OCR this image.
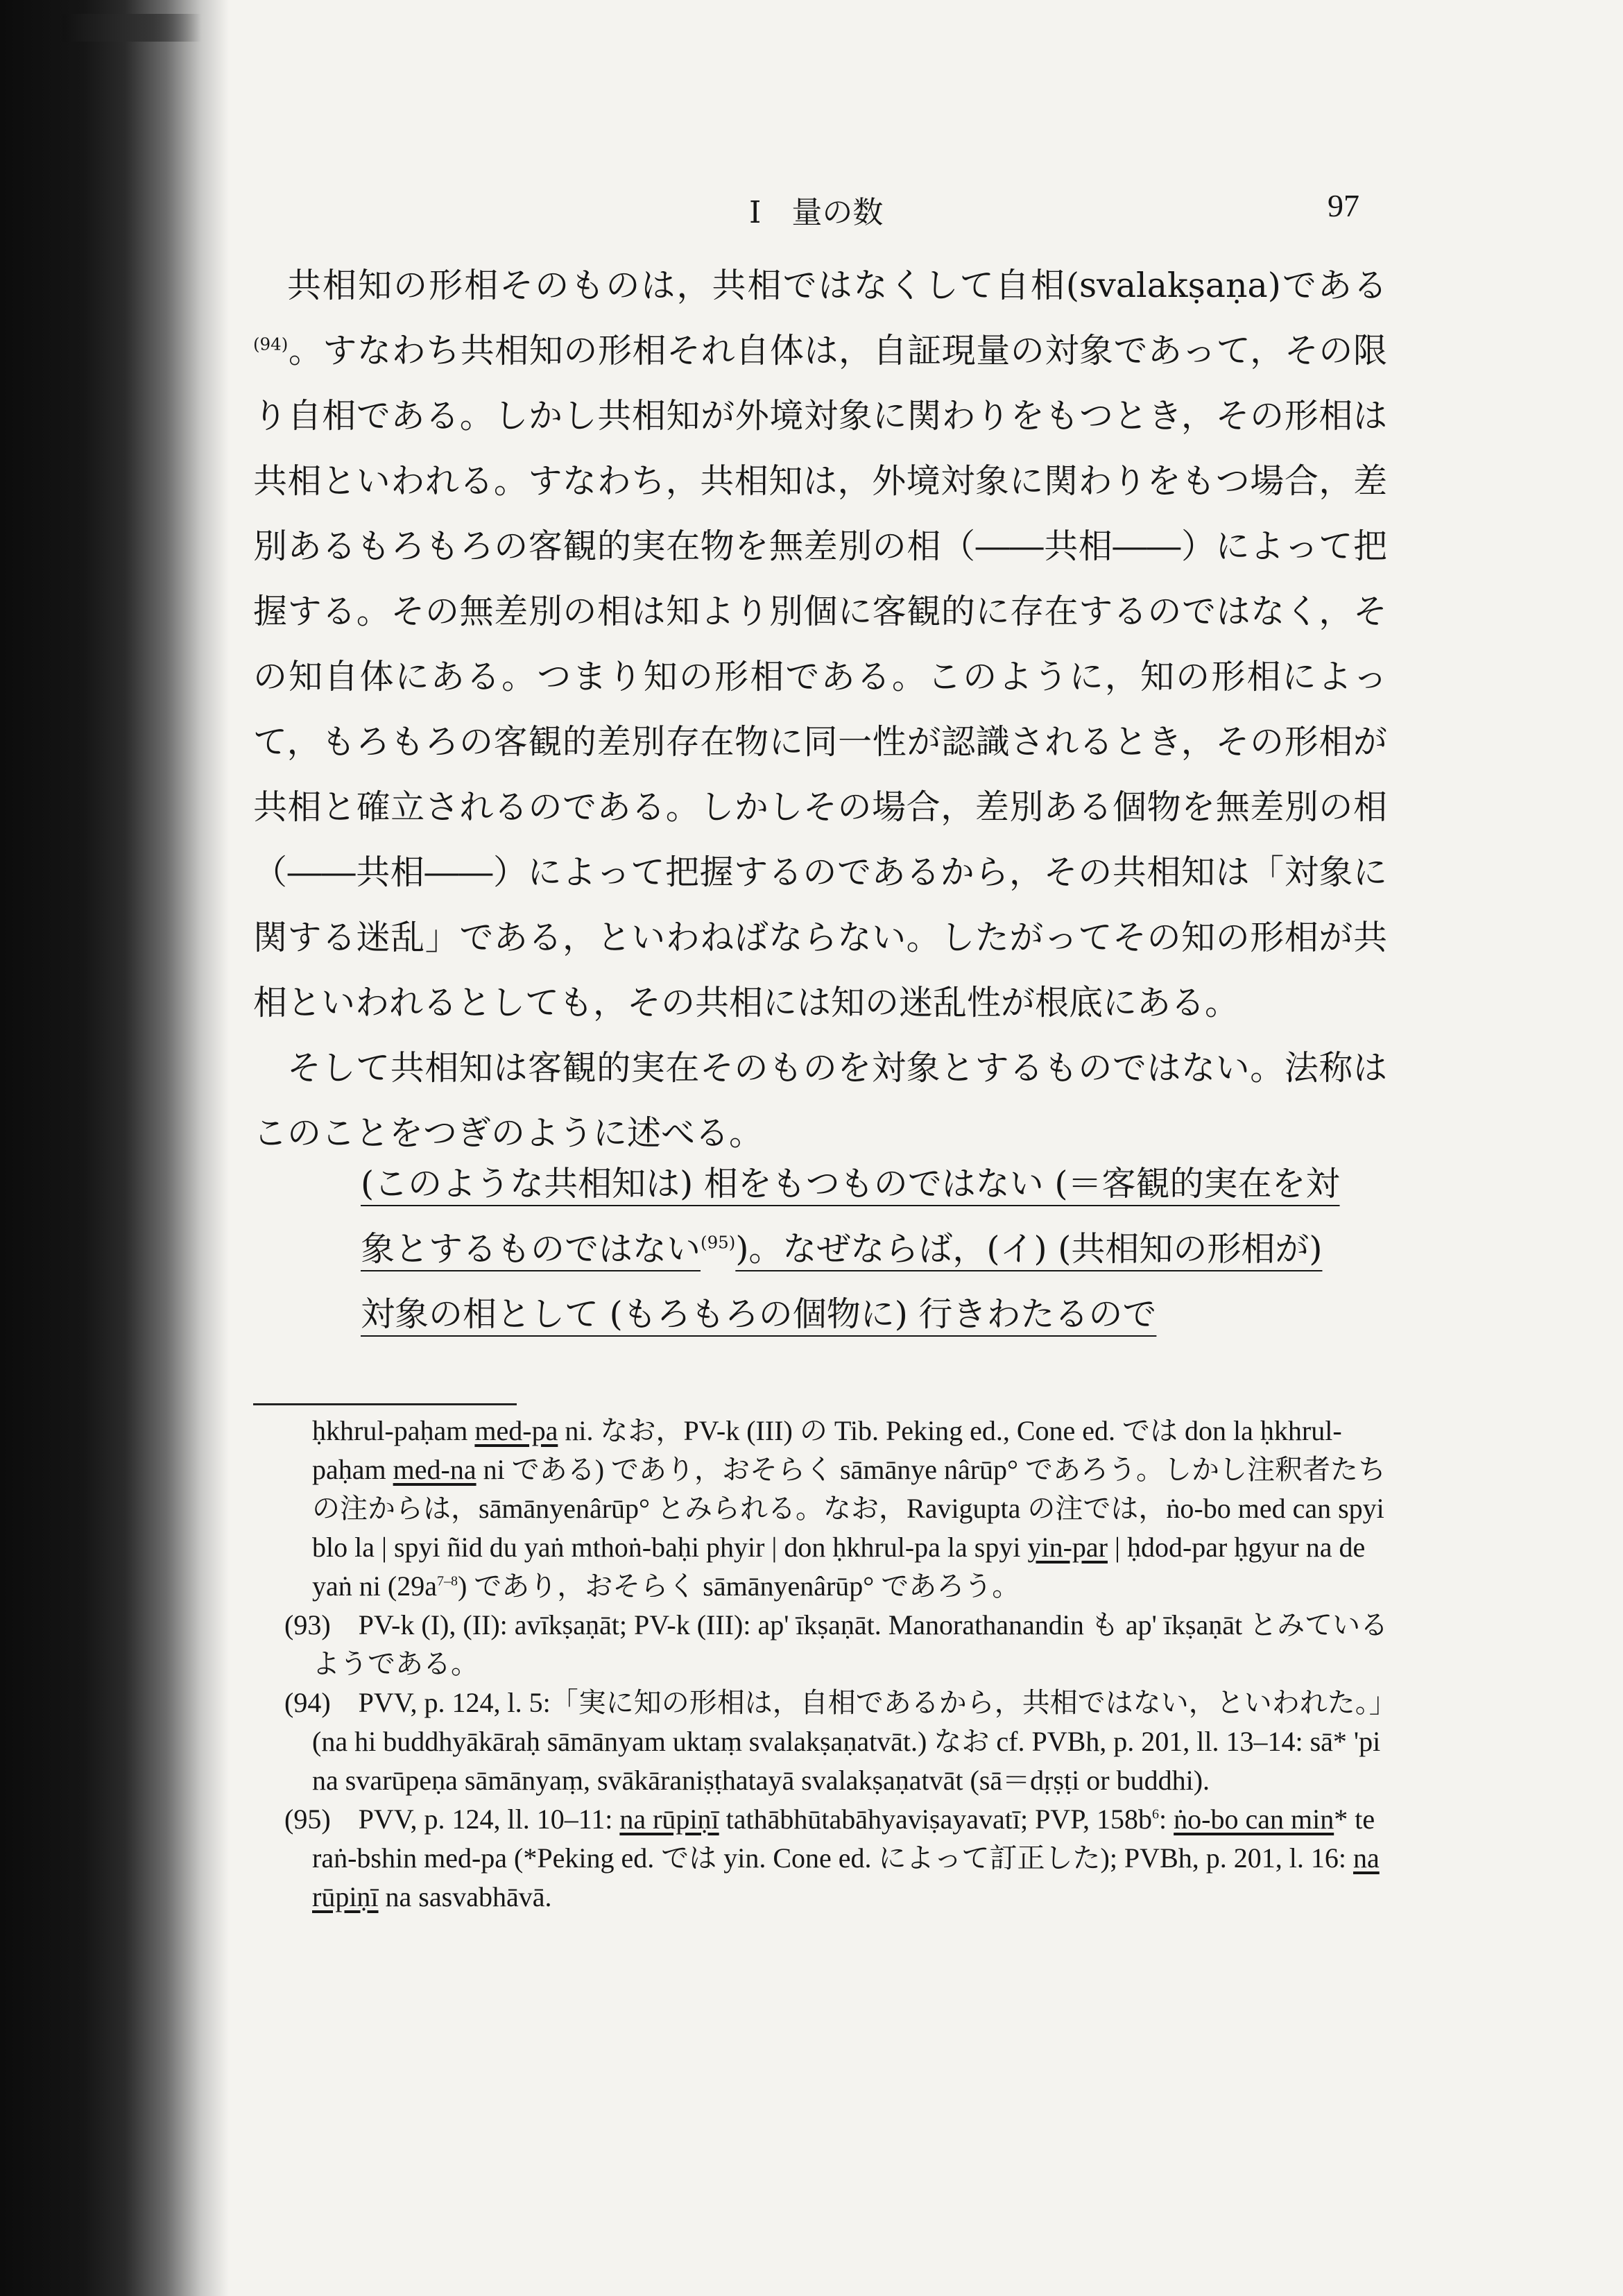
I　量の数	97

共相知の形相そのものは，共相ではなくして自相(svalakṣaṇa)である$^{(94)}$。すなわち共相知の形相それ自体は，自証現量の対象であって，その限り自相である。しかし共相知が外境対象に関わりをもつとき，その形相は共相といわれる。すなわち，共相知は，外境対象に関わりをもつ場合，差別あるもろもろの客観的実在物を無差別の相（――共相――）によって把握する。その無差別の相は知より別個に客観的に存在するのではなく，その知自体にある。つまり知の形相である。このように，知の形相によって，もろもろの客観的差別存在物に同一性が認識されるとき，その形相が共相と確立されるのである。しかしその場合，差別ある個物を無差別の相（――共相――）によって把握するのであるから，その共相知は「対象に関する迷乱」である，といわねばならない。したがってその知の形相が共相といわれるとしても，その共相には知の迷乱性が根底にある。

そして共相知は客観的実在そのものを対象とするものではない。法称はこのことをつぎのように述べる。

(このような共相知は) 相をもつものではない (＝客観的実在を対象とするものではない$^{(95)}$)。なぜならば，(イ) (共相知の形相が) 対象の相として (もろもろの個物に) 行きわたるので

ḥkhrul-paḥam med-pa ni. なお，PV-k (III) の Tib. Peking ed., Cone ed. では don la ḥkhrul-paḥam med-na ni である) であり，おそらく sāmānye nârūp° であろう。しかし注釈者たちの注からは，sāmānyenârūp° とみられる。なお，Ravigupta の注では，ṅo-bo med can spyi blo la | spyi ñid du yaṅ mthoṅ-baḥi phyir | don ḥkhrul-pa la spyi yin-par | ḥdod-par ḥgyur na de yaṅ ni $(29a^{7-8})$ であり，おそらく sāmānyenârūp° であろう。

(93)　PV-k (I), (II): avīkṣaṇāt; PV-k (III): ap' īkṣaṇāt. Manorathanandin も ap' īkṣaṇāt とみているようである。

(94)　PVV, p. 124, l. 5:「実に知の形相は，自相であるから，共相ではない，といわれた。」(na hi buddhyākāraḥ sāmānyam uktaṃ svalakṣaṇatvāt.) なお cf. PVBh, p. 201, ll. 13–14: sā* 'pi na svarūpeṇa sāmānyaṃ, svākāraniṣṭhatayā svalakṣaṇatvāt (sā＝dṛṣṭi or buddhi).

(95)　PVV, p. 124, ll. 10–11: na rūpiṇī tathābhūtabāhyaviṣayavatī; PVP, $158b^6$: ṅo-bo can min* te raṅ-bshin med-pa (*Peking ed. では yin. Cone ed. によって訂正した); PVBh, p. 201, l. 16: na rūpiṇī na sasvabhāvā.
